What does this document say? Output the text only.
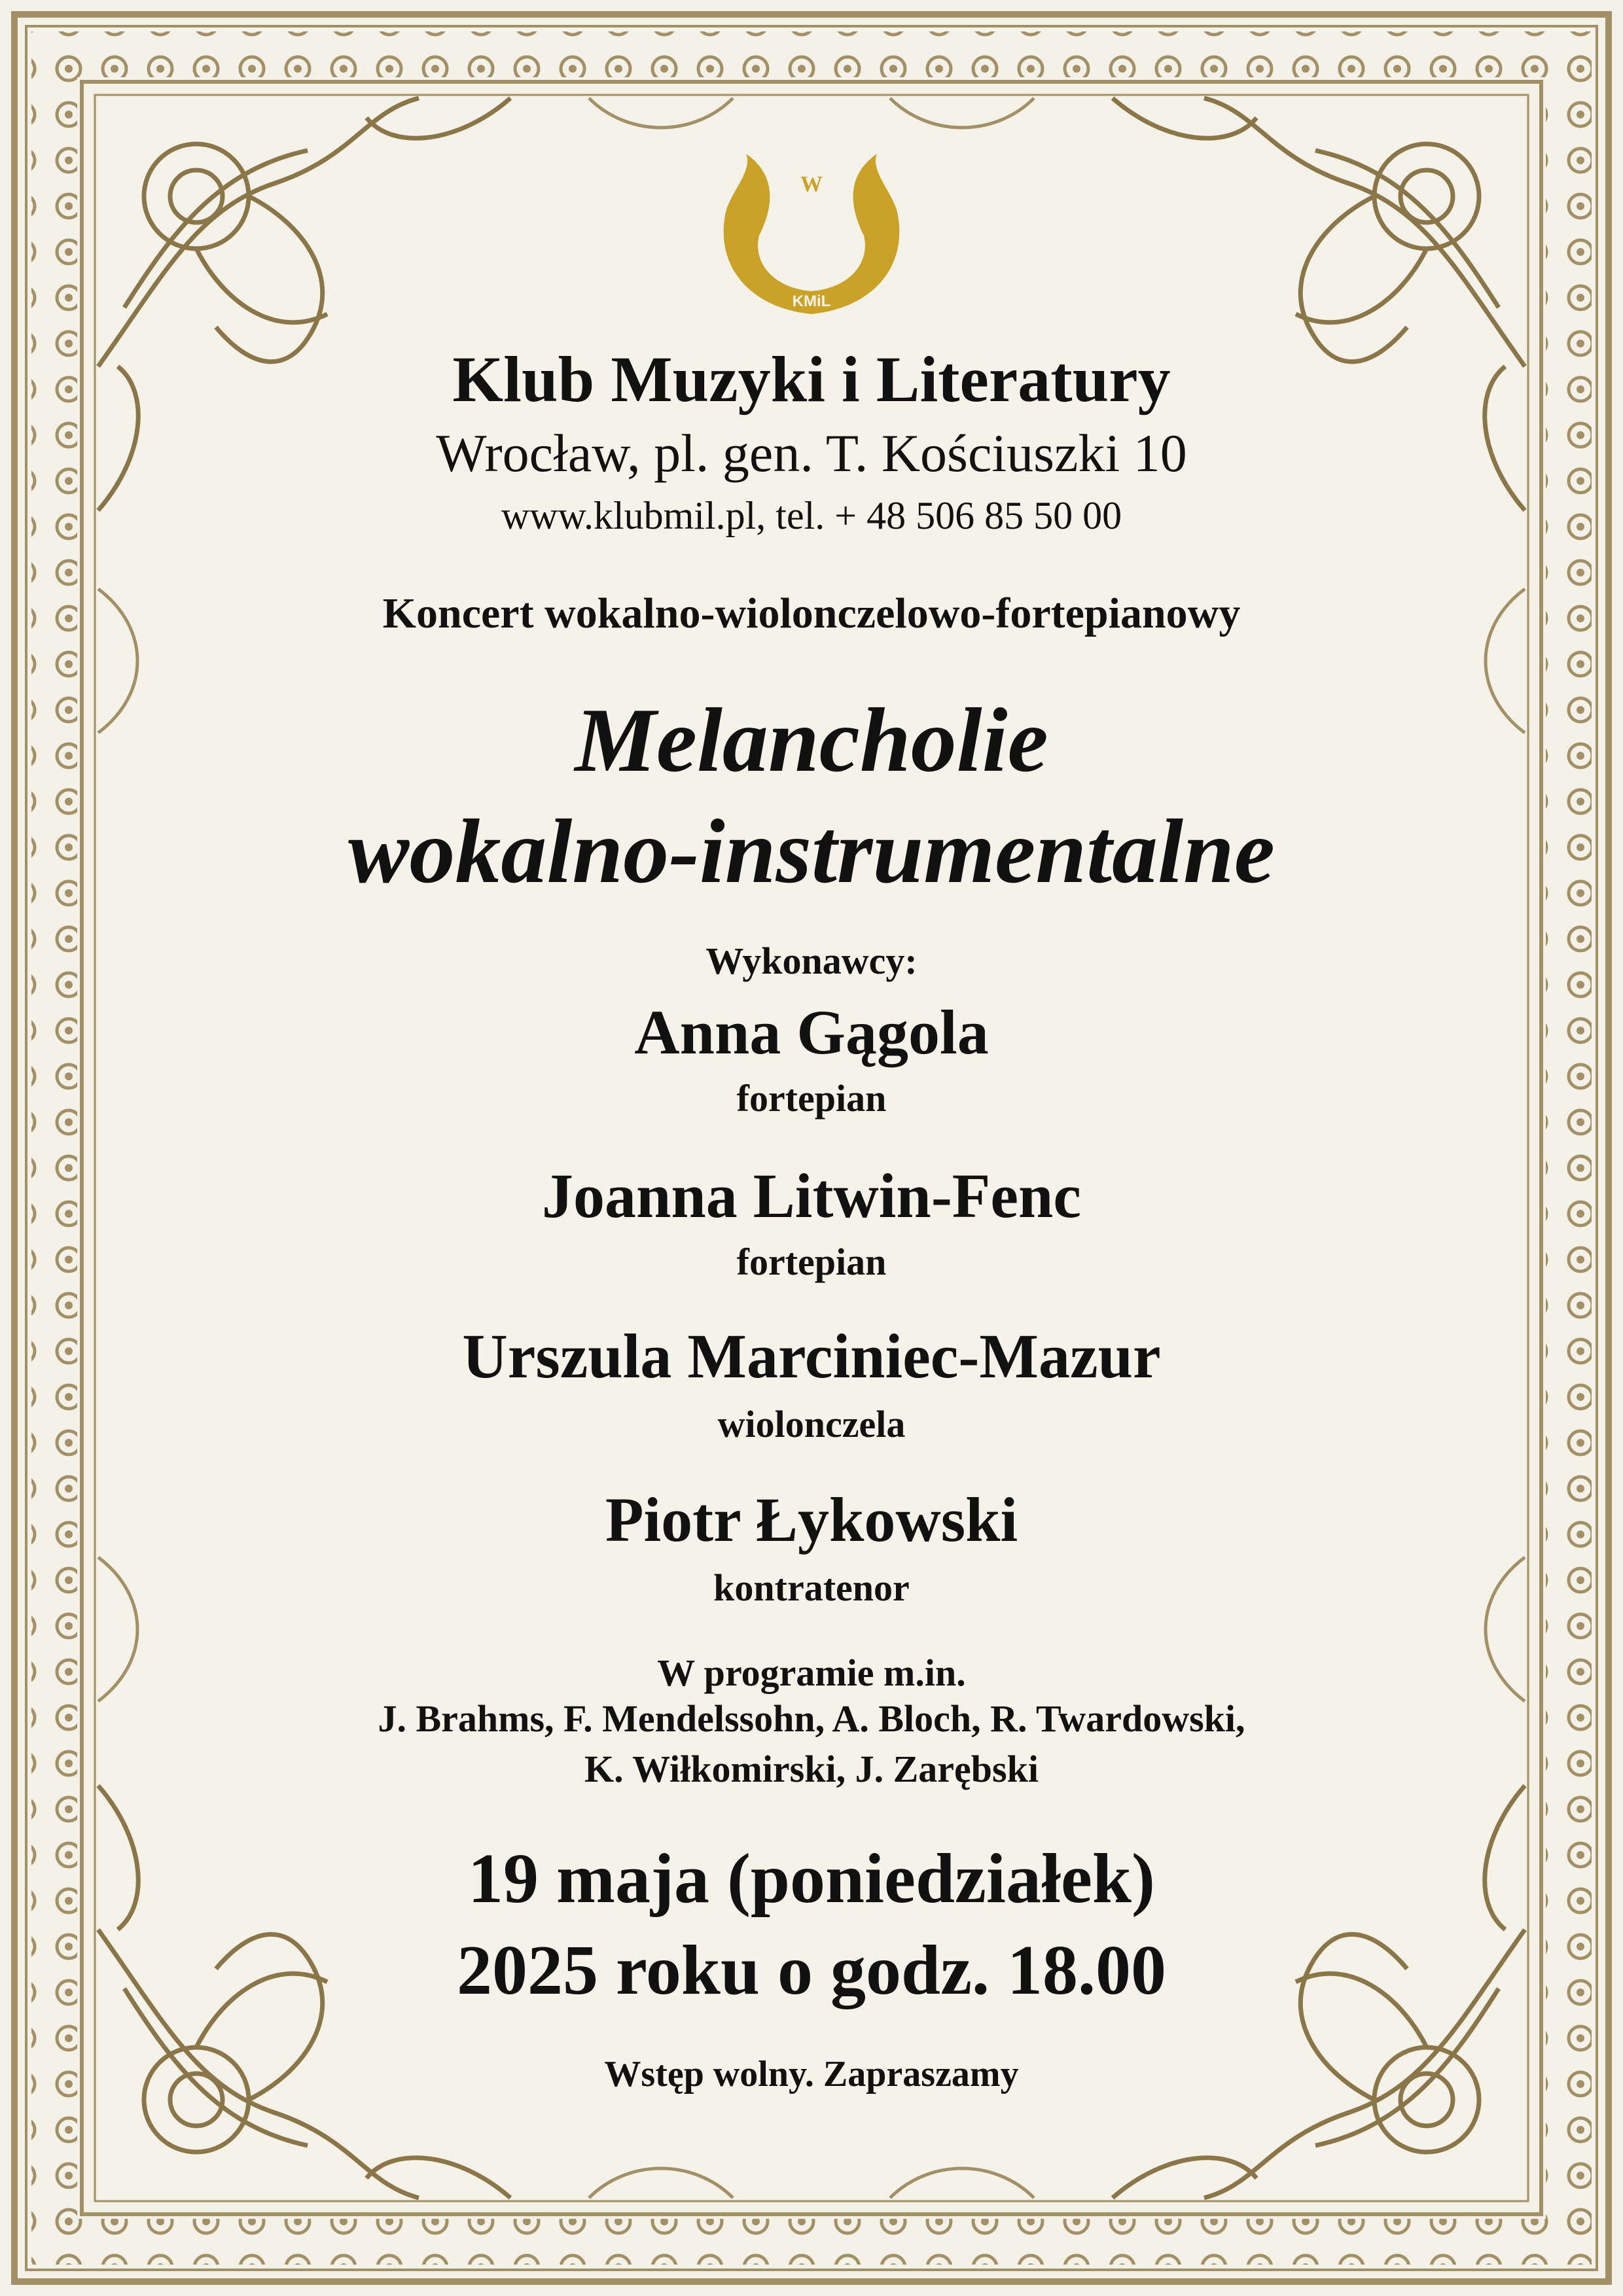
W
KMiL
Klub Muzyki i Literatury
Wrocław, pl. gen. T. Kościuszki 10
www.klubmil.pl, tel. + 48 506 85 50 00
Koncert wokalno-wiolonczelowo-fortepianowy
Melancholie
wokalno-instrumentalne
Wykonawcy:
Anna Gągola
fortepian
Joanna Litwin-Fenc
fortepian
Urszula Marciniec-Mazur
wiolonczela
Piotr Łykowski
kontratenor
W programie m.in.
J. Brahms, F. Mendelssohn, A. Bloch, R. Twardowski,
K. Wiłkomirski, J. Zarębski
19 maja (poniedziałek)
2025 roku o godz. 18.00
Wstęp wolny. Zapraszamy
